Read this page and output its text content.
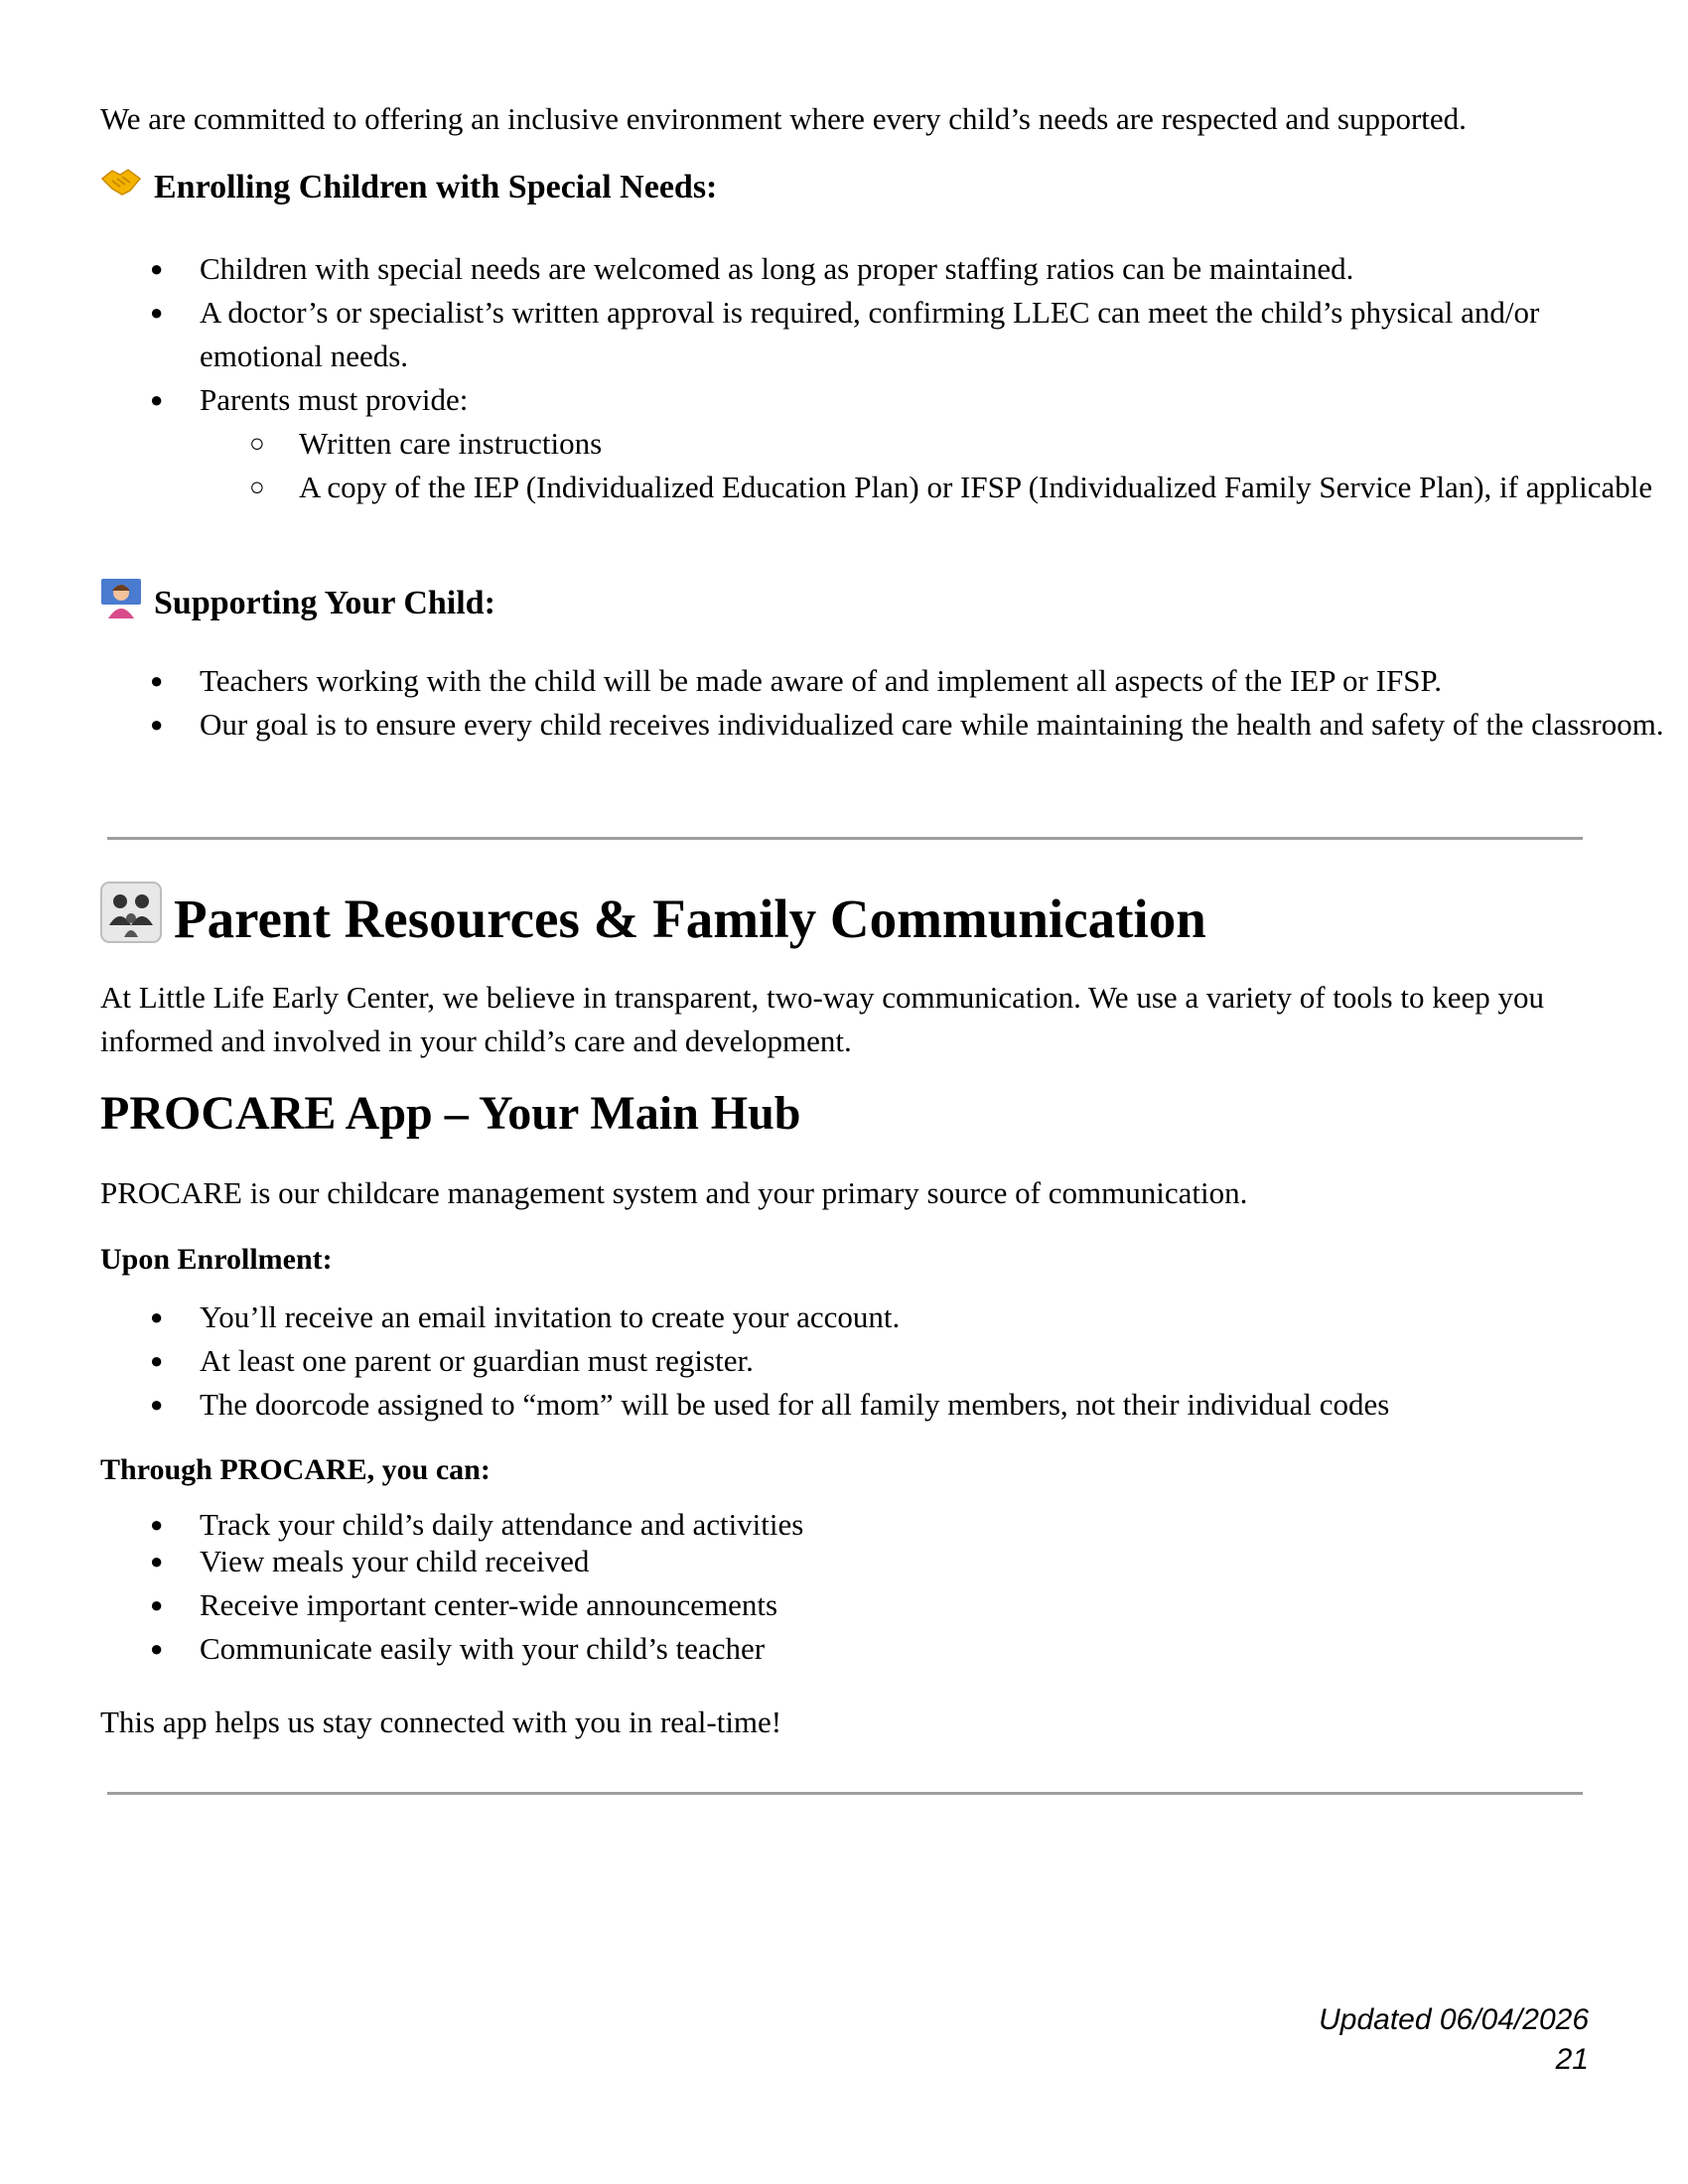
We are committed to offering an inclusive environment where every child’s needs are respected and supported.

Enrolling Children with Special Needs:
● Children with special needs are welcomed as long as proper staffing ratios can be maintained.
● A doctor’s or specialist’s written approval is required, confirming LLEC can meet the child’s physical and/or emotional needs.
● Parents must provide:
○ Written care instructions
○ A copy of the IEP (Individualized Education Plan) or IFSP (Individualized Family Service Plan), if applicable
Supporting Your Child:
● Teachers working with the child will be made aware of and implement all aspects of the IEP or IFSP.
● Our goal is to ensure every child receives individualized care while maintaining the health and safety of the classroom.
Parent Resources & Family Communication

At Little Life Early Center, we believe in transparent, two-way communication. We use a variety of tools to keep you informed and involved in your child’s care and development.

PROCARE App – Your Main Hub

PROCARE is our childcare management system and your primary source of communication.

Upon Enrollment:
● You’ll receive an email invitation to create your account.
● At least one parent or guardian must register.
● The doorcode assigned to “mom” will be used for all family members, not their individual codes
Through PROCARE, you can:
● Track your child’s daily attendance and activities
● View meals your child received
● Receive important center-wide announcements
● Communicate easily with your child’s teacher

This app helps us stay connected with you in real-time!

Updated 06/04/2026
21
